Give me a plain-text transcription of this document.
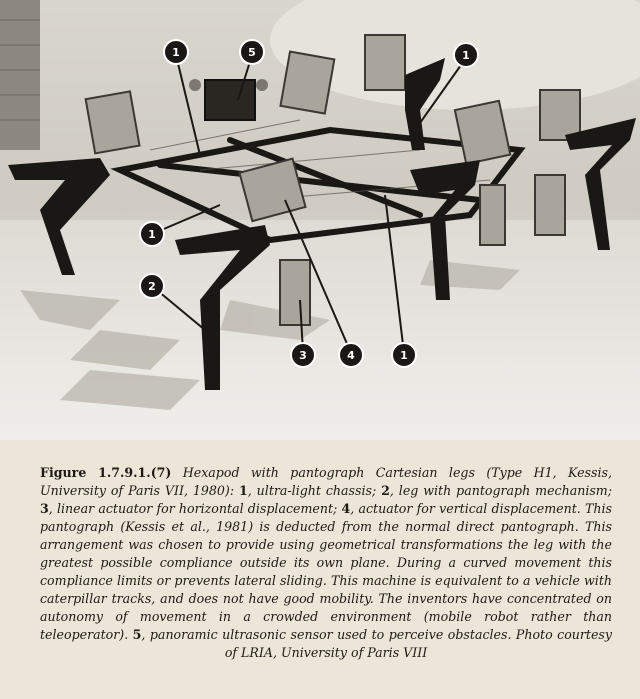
1	5	1
1
2
3	4	1
Figure 1.7.9.1.(7) Hexapod with pantograph Cartesian legs (Type H1, Kessis, University of Paris VII, 1980): 1, ultra-light chassis; 2, leg with pantograph mechanism; 3, linear actuator for horizontal displacement; 4, actuator for vertical displacement. This pantograph (Kessis et al., 1981) is deducted from the normal direct pantograph. This arrangement was chosen to provide using geometrical transformations the leg with the greatest possible compliance outside its own plane. During a curved movement this compliance limits or prevents lateral sliding. This machine is equivalent to a vehicle with caterpillar tracks, and does not have good mobility. The inventors have concentrated on autonomy of movement in a crowded environment (mobile robot rather than teleoperator). 5, panoramic ultrasonic sensor used to perceive obstacles. Photo courtesy of LRIA, University of Paris VIII
